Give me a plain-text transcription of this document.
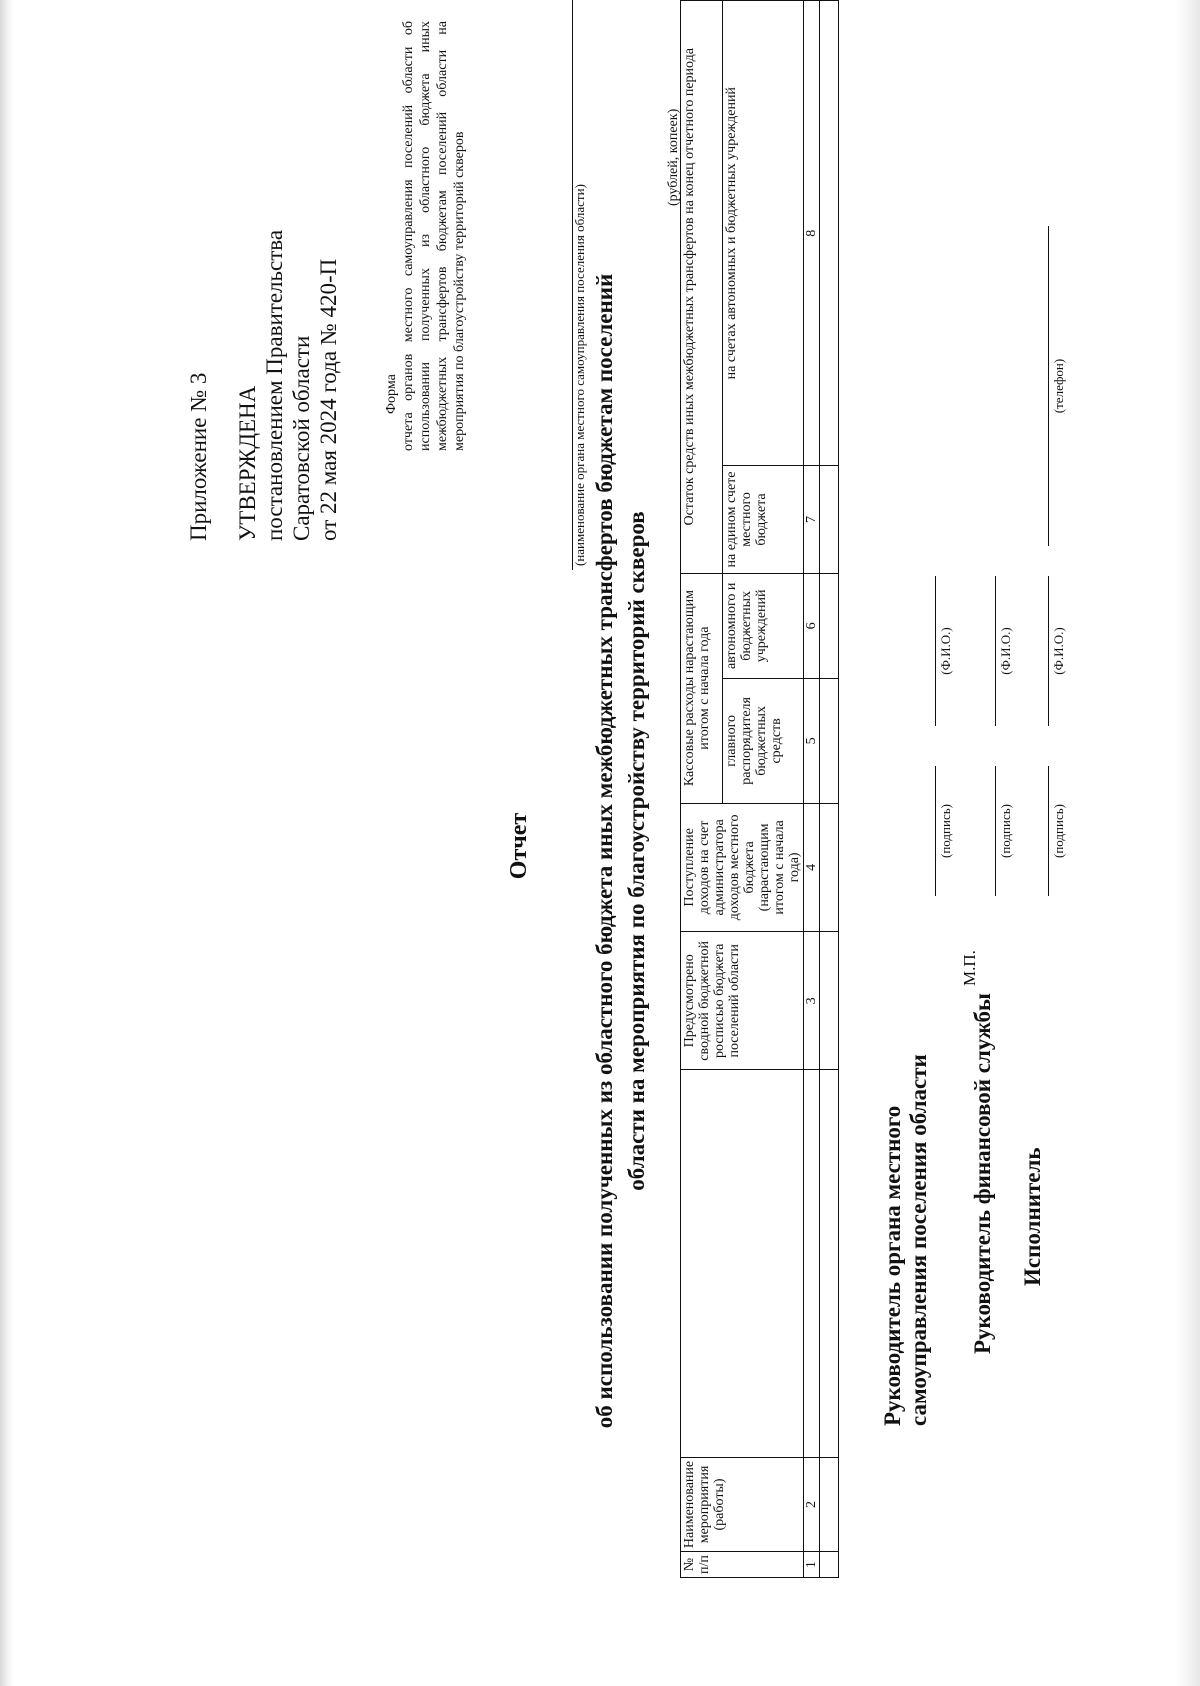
Приложение № 3 УТВЕРЖДЕНА постановлением Правительства Саратовской области от 22 мая 2024 года № 420-П	Форма отчета органов местного самоуправления поселений области об использовании полученных из областного бюджета иных межбюджетных трансфертов бюджетам поселений области на мероприятия по благоустройству территорий скверов
Отчет
(наименование органа местного самоуправления поселения области) об использовании полученных из областного бюджета иных межбюджетных трансфертов бюджетам поселений области на мероприятия по благоустройству территорий скверов
(рублей, копеек)
№ п/п	Наименование мероприятия (работы)		Предусмотрено сводной бюджетной росписью бюджета поселений области	Поступление доходов на счет администратора доходов местного бюджета (нарастающим итогом с начала года)	Кассовые расходы нарастающим итогом с начала года		Остаток средств иных межбюджетных трансфертов на конец отчетного периода	
					главного распорядителя бюджетных средств	автономного и бюджетных учреждений	на едином счете местного бюджета	на счетах автономных и бюджетных учреждений
1	2		3	4	5	6	7	8

Руководитель органа местного самоуправления поселения области
(подпись)
(Ф.И.О.)
М.П.
Руководитель финансовой службы
(подпись)
(Ф.И.О.)
Исполнитель
(подпись)
(Ф.И.О.)
(телефон)
